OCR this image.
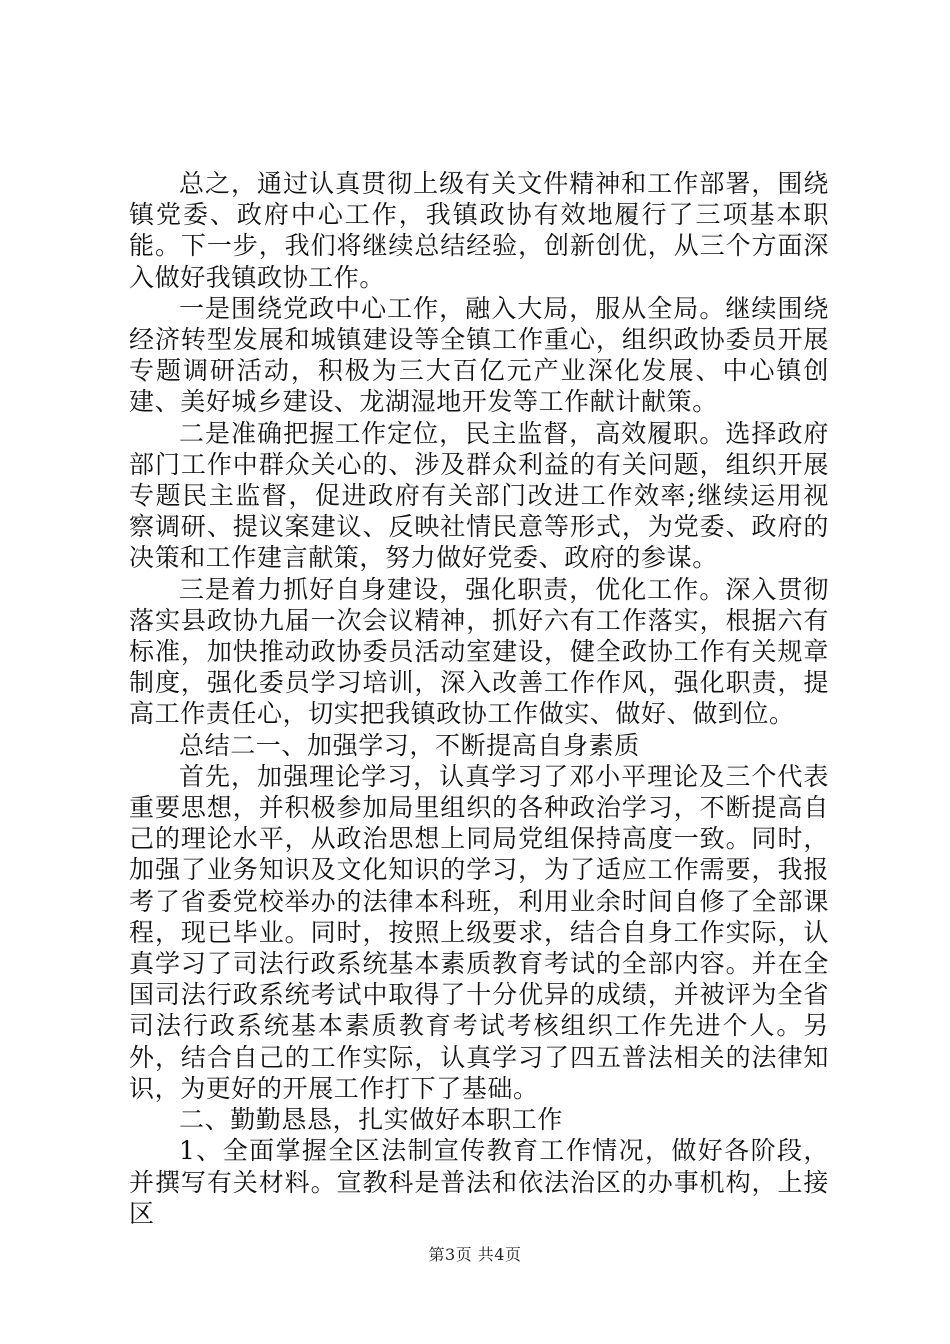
总之，通过认真贯彻上级有关文件精神和工作部署，围绕镇党委、政府中心工作，我镇政协有效地履行了三项基本职能。下一步，我们将继续总结经验，创新创优，从三个方面深入做好我镇政协工作。

一是围绕党政中心工作，融入大局，服从全局。继续围绕经济转型发展和城镇建设等全镇工作重心，组织政协委员开展专题调研活动，积极为三大百亿元产业深化发展、中心镇创建、美好城乡建设、龙湖湿地开发等工作献计献策。

二是准确把握工作定位，民主监督，高效履职。选择政府部门工作中群众关心的、涉及群众利益的有关问题，组织开展专题民主监督，促进政府有关部门改进工作效率;继续运用视察调研、提议案建议、反映社情民意等形式，为党委、政府的决策和工作建言献策，努力做好党委、政府的参谋。

三是着力抓好自身建设，强化职责，优化工作。深入贯彻落实县政协九届一次会议精神，抓好六有工作落实，根据六有标准，加快推动政协委员活动室建设，健全政协工作有关规章制度，强化委员学习培训，深入改善工作作风，强化职责，提高工作责任心，切实把我镇政协工作做实、做好、做到位。

总结二一、加强学习，不断提高自身素质

首先，加强理论学习，认真学习了邓小平理论及三个代表重要思想，并积极参加局里组织的各种政治学习，不断提高自己的理论水平，从政治思想上同局党组保持高度一致。同时，加强了业务知识及文化知识的学习，为了适应工作需要，我报考了省委党校举办的法律本科班，利用业余时间自修了全部课程，现已毕业。同时，按照上级要求，结合自身工作实际，认真学习了司法行政系统基本素质教育考试的全部内容。并在全国司法行政系统考试中取得了十分优异的成绩，并被评为全省司法行政系统基本素质教育考试考核组织工作先进个人。另外，结合自己的工作实际，认真学习了四五普法相关的法律知识，为更好的开展工作打下了基础。

二、勤勤恳恳，扎实做好本职工作

1、全面掌握全区法制宣传教育工作情况，做好各阶段，并撰写有关材料。宣教科是普法和依法治区的办事机构，上接区

第3页 共4页
